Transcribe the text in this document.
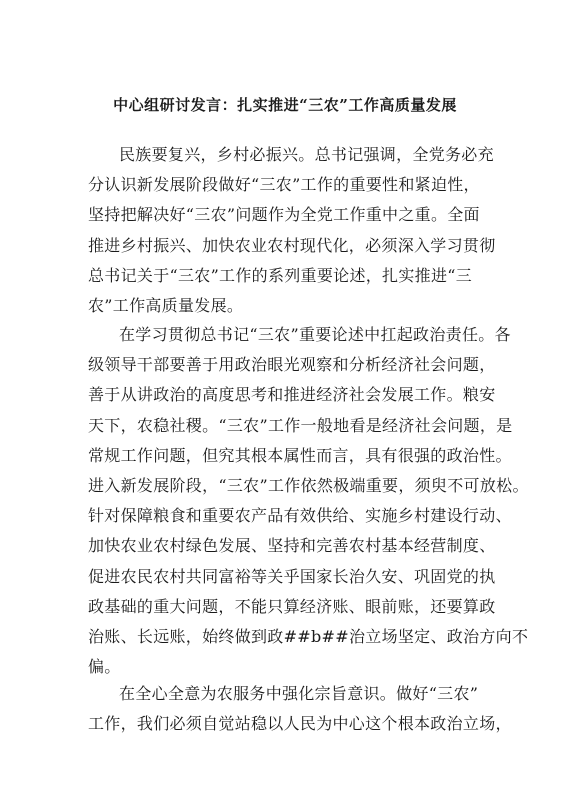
中心组研讨发言：扎实推进“三农”工作高质量发展
民族要复兴，乡村必振兴。总书记强调，全党务必充
分认识新发展阶段做好“三农”工作的重要性和紧迫性，
坚持把解决好“三农”问题作为全党工作重中之重。全面
推进乡村振兴、加快农业农村现代化，必须深入学习贯彻
总书记关于“三农”工作的系列重要论述，扎实推进“三
农”工作高质量发展。
在学习贯彻总书记“三农”重要论述中扛起政治责任。各
级领导干部要善于用政治眼光观察和分析经济社会问题，
善于从讲政治的高度思考和推进经济社会发展工作。粮安
天下，农稳社稷。“三农”工作一般地看是经济社会问题，是
常规工作问题，但究其根本属性而言，具有很强的政治性。
进入新发展阶段，“三农”工作依然极端重要，须臾不可放松。
针对保障粮食和重要农产品有效供给、实施乡村建设行动、
加快农业农村绿色发展、坚持和完善农村基本经营制度、
促进农民农村共同富裕等关乎国家长治久安、巩固党的执
政基础的重大问题，不能只算经济账、眼前账，还要算政
治账、长远账，始终做到政##b##治立场坚定、政治方向不
偏。
在全心全意为农服务中强化宗旨意识。做好“三农”
工作，我们必须自觉站稳以人民为中心这个根本政治立场，
